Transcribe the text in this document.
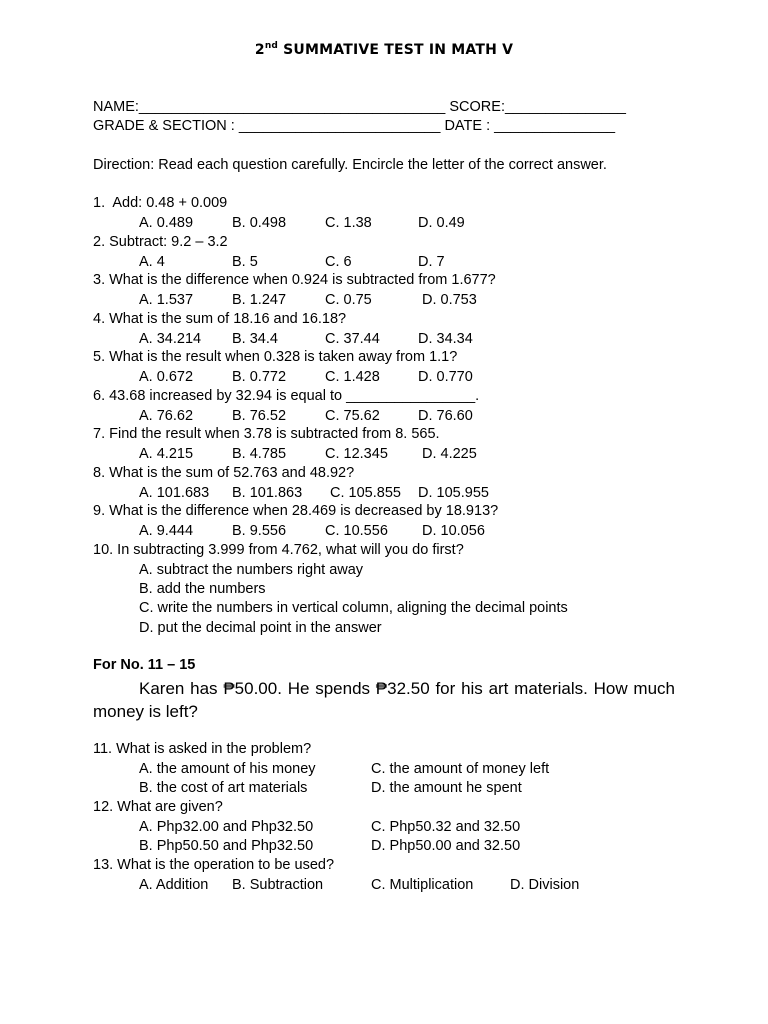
2nd SUMMATIVE TEST IN MATH V
NAME:______________________________________ SCORE:_______________
GRADE & SECTION : _________________________ DATE : _______________
Direction: Read each question carefully. Encircle the letter of the correct answer.
1.  Add: 0.48 + 0.009
A. 0.489	B. 0.498	C. 1.38	D. 0.49
2. Subtract: 9.2 – 3.2
A. 4	B. 5	C. 6	D. 7
3. What is the difference when 0.924 is subtracted from 1.677?
A. 1.537	B. 1.247	C. 0.75	D. 0.753
4. What is the sum of 18.16 and 16.18?
A. 34.214 B. 34.4	C. 37.44	D. 34.34
5. What is the result when 0.328 is taken away from 1.1?
A. 0.672	B. 0.772	C. 1.428	D. 0.770
6. 43.68 increased by 32.94 is equal to ________________.
A. 76.62	B. 76.52	C. 75.62	D. 76.60
7. Find the result when 3.78 is subtracted from 8. 565.
A. 4.215	B. 4.785	C. 12.345 D. 4.225
8. What is the sum of 52.763 and 48.92?
A. 101.683 B. 101.863 C. 105.855 D. 105.955
9. What is the difference when 28.469 is decreased by 18.913?
A. 9.444	B. 9.556	C. 10.556 D. 10.056
10. In subtracting 3.999 from 4.762, what will you do first?
A. subtract the numbers right away
B. add the numbers
C. write the numbers in vertical column, aligning the decimal points
D. put the decimal point in the answer
For No. 11 – 15
Karen has ₱50.00. He spends ₱32.50 for his art materials. How much money is left?
11. What is asked in the problem?
A. the amount of his money	C. the amount of money left
B. the cost of art materials	D. the amount he spent
12. What are given?
A. Php32.00 and Php32.50	C. Php50.32 and 32.50
B. Php50.50 and Php32.50	D. Php50.00 and 32.50
13. What is the operation to be used?
A. Addition B. Subtraction	C. Multiplication	D. Division
